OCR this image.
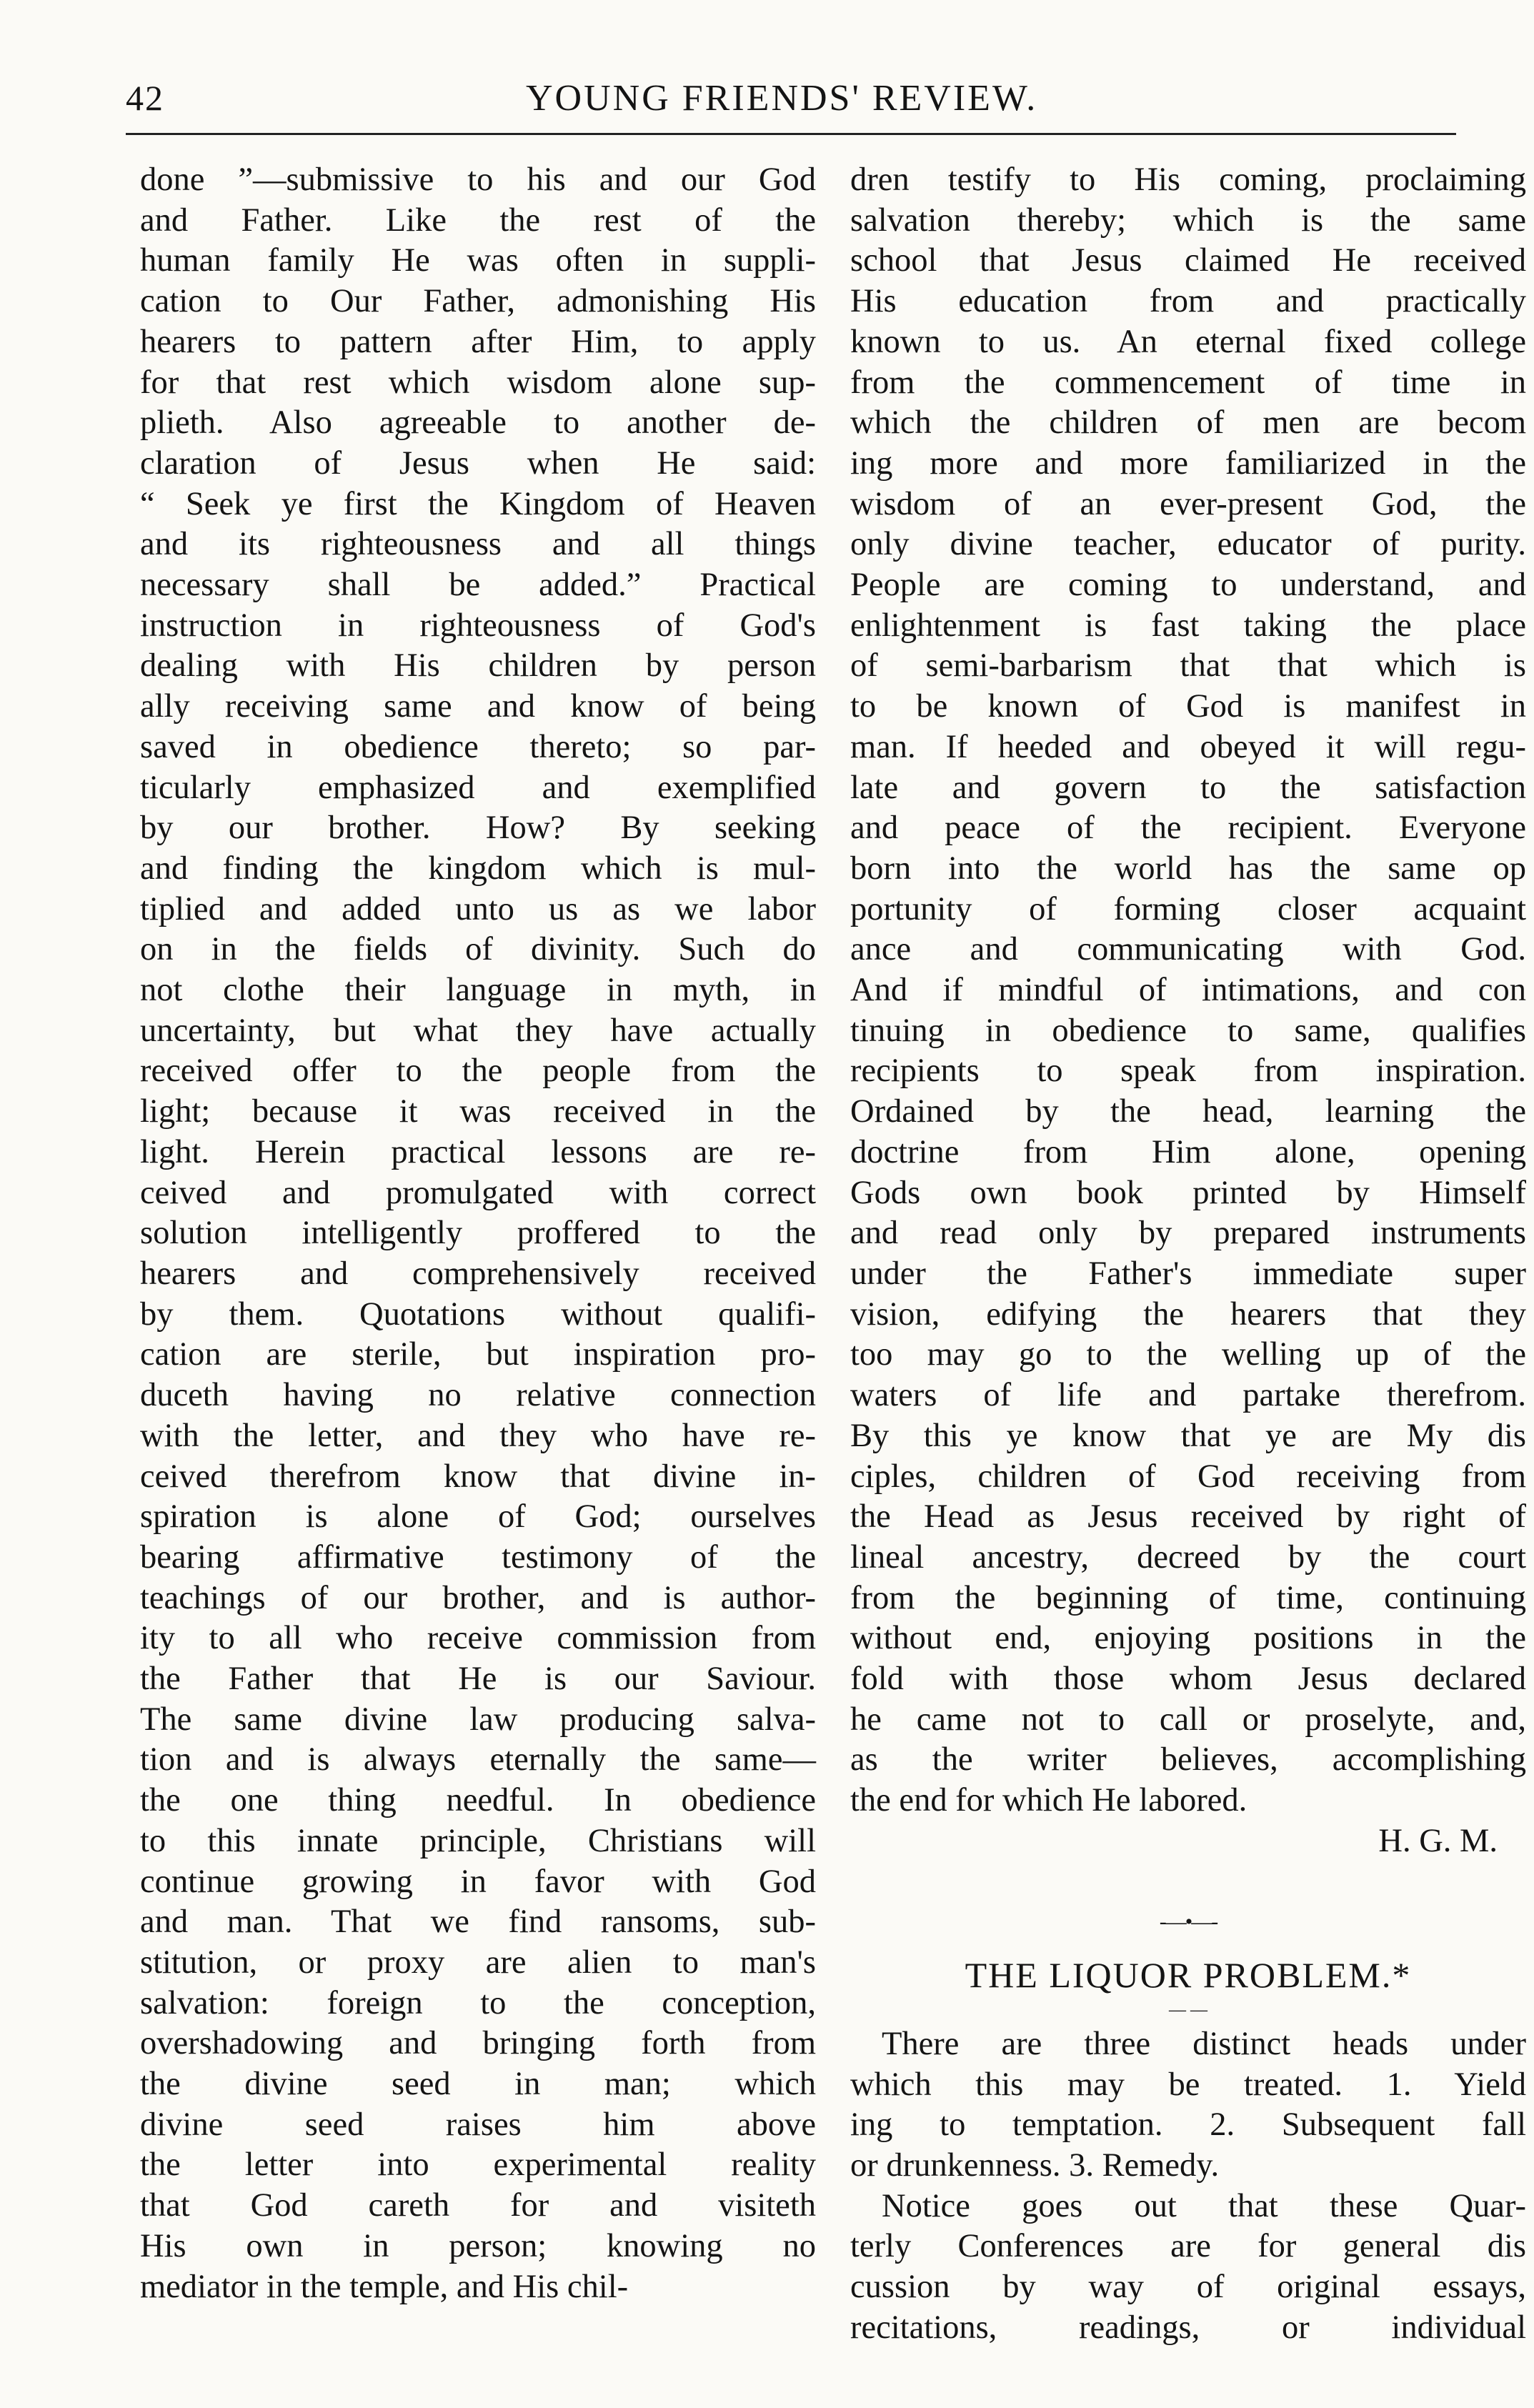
42	YOUNG FRIENDS' REVIEW.
done ”—submissive to his and our God
and Father. Like the rest of the
human family He was often in suppli-
cation to Our Father, admonishing His
hearers to pattern after Him, to apply
for that rest which wisdom alone sup-
plieth. Also agreeable to another de-
claration of Jesus when He said:
“ Seek ye first the Kingdom of Heaven
and its righteousness and all things
necessary shall be added.” Practical
instruction in righteousness of God's
dealing with His children by person
ally receiving same and know of being
saved in obedience thereto; so par-
ticularly emphasized and exemplified
by our brother. How? By seeking
and finding the kingdom which is mul-
tiplied and added unto us as we labor
on in the fields of divinity. Such do
not clothe their language in myth, in
uncertainty, but what they have actually
received offer to the people from the
light; because it was received in the
light. Herein practical lessons are re-
ceived and promulgated with correct
solution intelligently proffered to the
hearers and comprehensively received
by them. Quotations without qualifi-
cation are sterile, but inspiration pro-
duceth having no relative connection
with the letter, and they who have re-
ceived therefrom know that divine in-
spiration is alone of God; ourselves
bearing affirmative testimony of the
teachings of our brother, and is author-
ity to all who receive commission from
the Father that He is our Saviour.
The same divine law producing salva-
tion and is always eternally the same—
the one thing needful. In obedience
to this innate principle, Christians will
continue growing in favor with God
and man. That we find ransoms, sub-
stitution, or proxy are alien to man's
salvation: foreign to the conception,
overshadowing and bringing forth from
the divine seed in man; which
divine seed raises him above
the letter into experimental reality
that God careth for and visiteth
His own in person; knowing no
mediator in the temple, and His chil-
dren testify to His coming, proclaiming
salvation thereby; which is the same
school that Jesus claimed He received
His education from and practically
known to us. An eternal fixed college
from the commencement of time in
which the children of men are becom
ing more and more familiarized in the
wisdom of an ever-present God, the
only divine teacher, educator of purity.
People are coming to understand, and
enlightenment is fast taking the place
of semi-barbarism that that which is
to be known of God is manifest in
man. If heeded and obeyed it will regu-
late and govern to the satisfaction
and peace of the recipient. Everyone
born into the world has the same op
portunity of forming closer acquaint
ance and communicating with God.
And if mindful of intimations, and con
tinuing in obedience to same, qualifies
recipients to speak from inspiration.
Ordained by the head, learning the
doctrine from Him alone, opening
Gods own book printed by Himself
and read only by prepared instruments
under the Father's immediate super
vision, edifying the hearers that they
too may go to the welling up of the
waters of life and partake therefrom.
By this ye know that ye are My dis
ciples, children of God receiving from
the Head as Jesus received by right of
lineal ancestry, decreed by the court
from the beginning of time, continuing
without end, enjoying positions in the
fold with those whom Jesus declared
he came not to call or proselyte, and,
as the writer believes, accomplishing
the end for which He labored.
H. G. M.
-—•—-
THE LIQUOR PROBLEM.*
— —
There are three distinct heads under
which this may be treated. 1. Yield
ing to temptation. 2. Subsequent fall
or drunkenness. 3. Remedy.
Notice goes out that these Quar-
terly Conferences are for general dis
cussion by way of original essays,
recitations, readings, or individual
